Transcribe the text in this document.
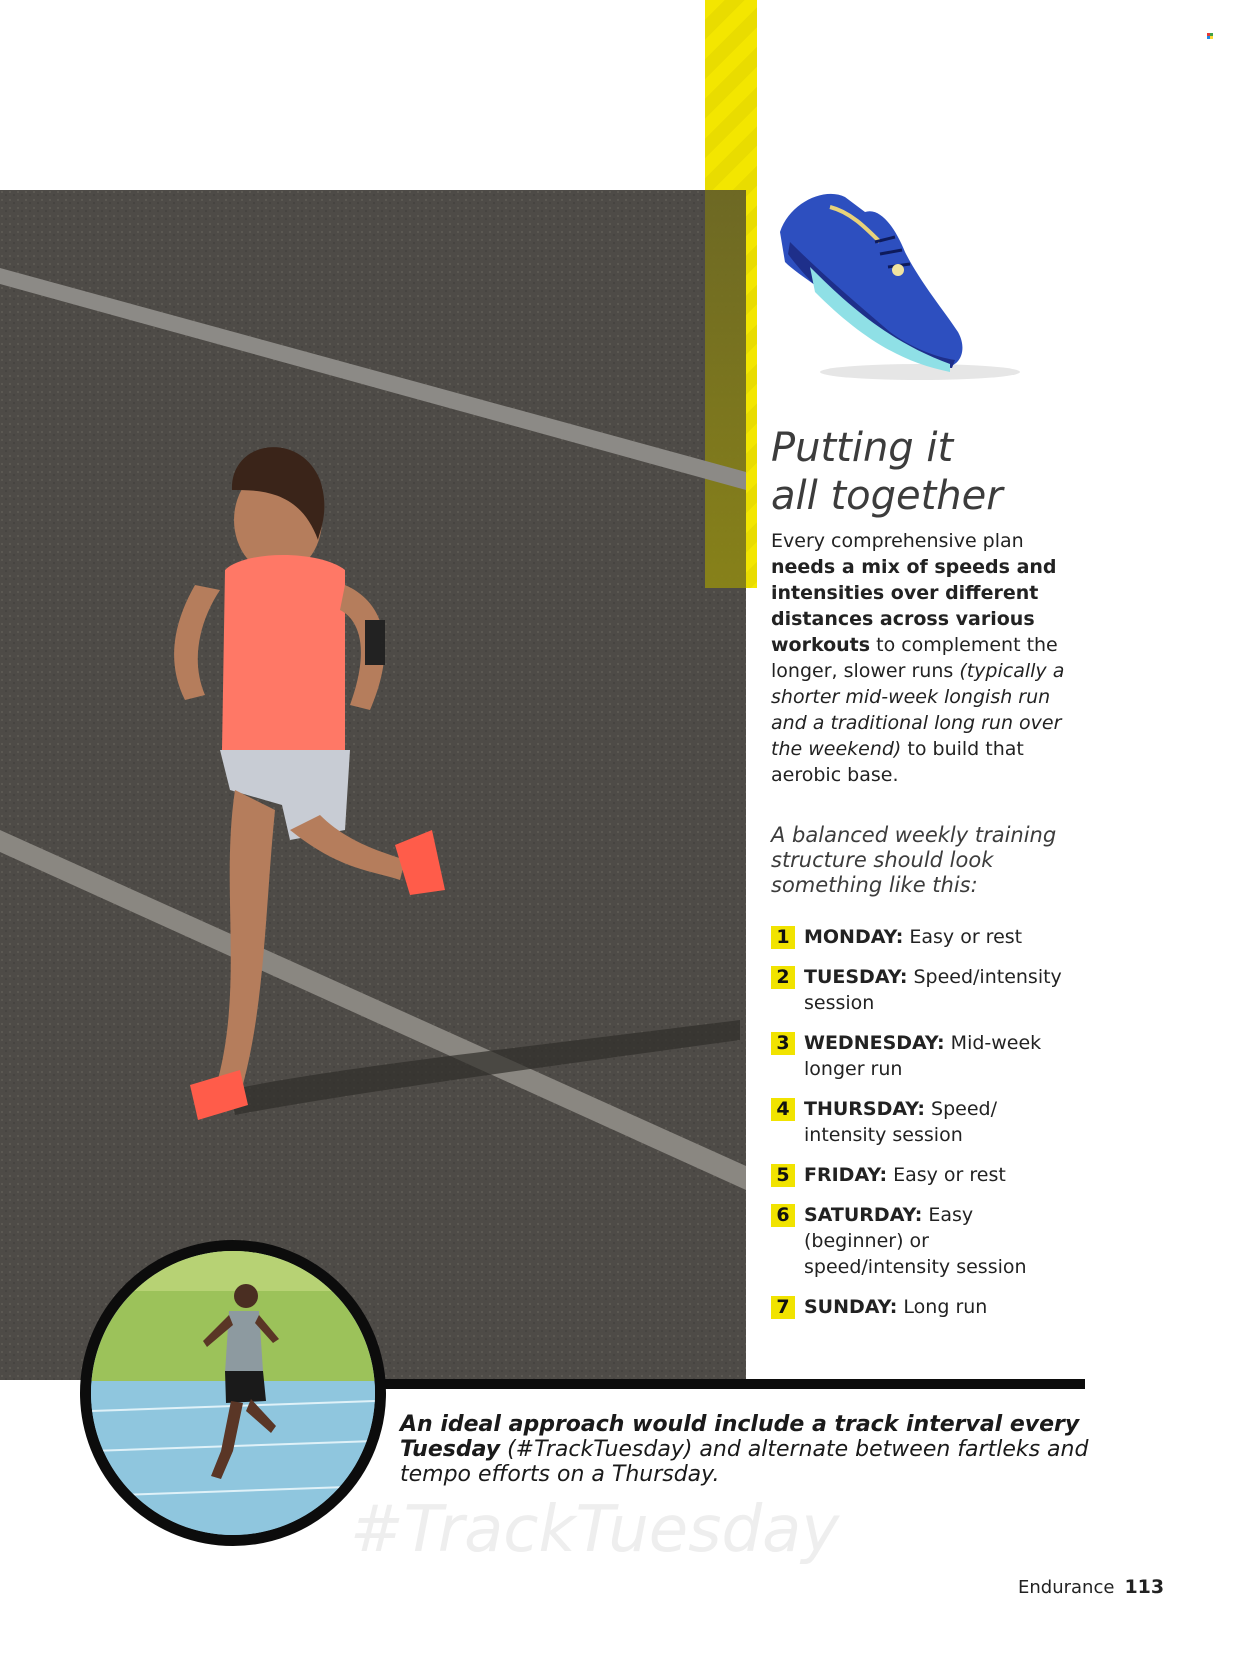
Putting it
all together

Every comprehensive plan needs a mix of speeds and intensities over different distances across various workouts to complement the longer, slower runs (typically a shorter mid-week longish run and a traditional long run over the weekend) to build that aerobic base.

A balanced weekly training structure should look something like this:

1 MONDAY: Easy or rest
2 TUESDAY: Speed/intensity session
3 WEDNESDAY: Mid-week longer run
4 THURSDAY: Speed/ intensity session
5 FRIDAY: Easy or rest
6 SATURDAY: Easy (beginner) or speed/intensity session
7 SUNDAY: Long run

An ideal approach would include a track interval every Tuesday (#TrackTuesday) and alternate between fartleks and tempo efforts on a Thursday.

#TrackTuesday
Endurance 113
